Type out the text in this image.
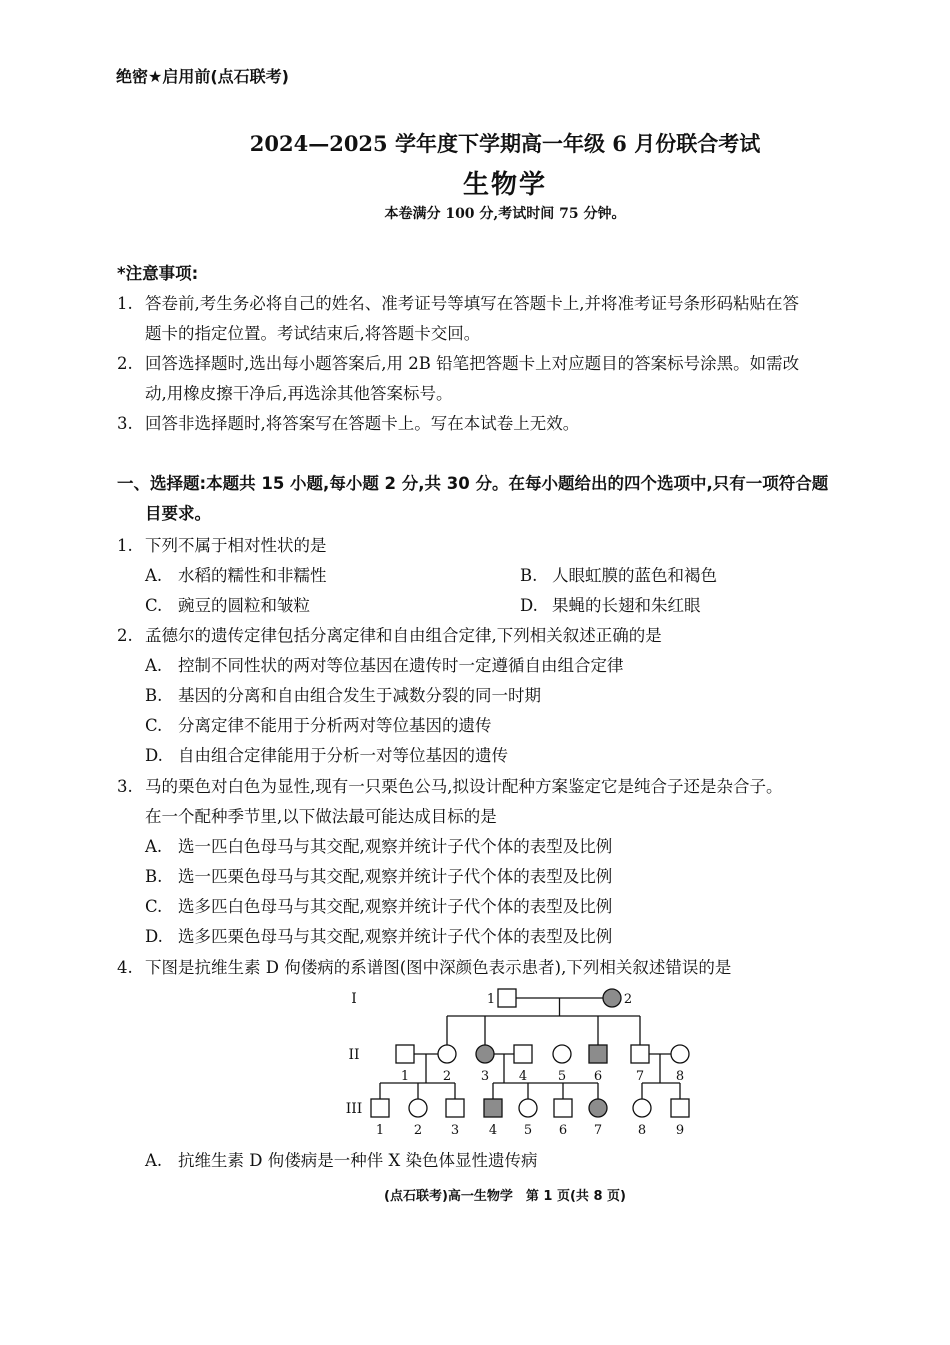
绝密★启用前(点石联考)
2024—2025 学年度下学期高一年级 6 月份联合考试
生物学
本卷满分 100 分,考试时间 75 分钟。
*注意事项:
1. 答卷前,考生务必将自己的姓名、准考证号等填写在答题卡上,并将准考证号条形码粘贴在答
题卡的指定位置。考试结束后,将答题卡交回。
2. 回答选择题时,选出每小题答案后,用 2B 铅笔把答题卡上对应题目的答案标号涂黑。如需改
动,用橡皮擦干净后,再选涂其他答案标号。
3. 回答非选择题时,将答案写在答题卡上。写在本试卷上无效。
一、选择题:本题共 15 小题,每小题 2 分,共 30 分。在每小题给出的四个选项中,只有一项符合题
目要求。
1. 下列不属于相对性状的是
A. 水稻的糯性和非糯性	B. 人眼虹膜的蓝色和褐色
C. 豌豆的圆粒和皱粒	D. 果蝇的长翅和朱红眼
2. 孟德尔的遗传定律包括分离定律和自由组合定律,下列相关叙述正确的是
A. 控制不同性状的两对等位基因在遗传时一定遵循自由组合定律
B. 基因的分离和自由组合发生于减数分裂的同一时期
C. 分离定律不能用于分析两对等位基因的遗传
D. 自由组合定律能用于分析一对等位基因的遗传
3. 马的栗色对白色为显性,现有一只栗色公马,拟设计配种方案鉴定它是纯合子还是杂合子。
在一个配种季节里,以下做法最可能达成目标的是
A. 选一匹白色母马与其交配,观察并统计子代个体的表型及比例
B. 选一匹栗色母马与其交配,观察并统计子代个体的表型及比例
C. 选多匹白色母马与其交配,观察并统计子代个体的表型及比例
D. 选多匹栗色母马与其交配,观察并统计子代个体的表型及比例
4. 下图是抗维生素 D 佝偻病的系谱图(图中深颜色表示患者),下列相关叙述错误的是
I
II
III
1	2
1	2 3 4 5 6	7 8
1 2 3 4 5 6 7	8 9
A. 抗维生素 D 佝偻病是一种伴 X 染色体显性遗传病
(点石联考)高一生物学　第 1 页(共 8 页)
